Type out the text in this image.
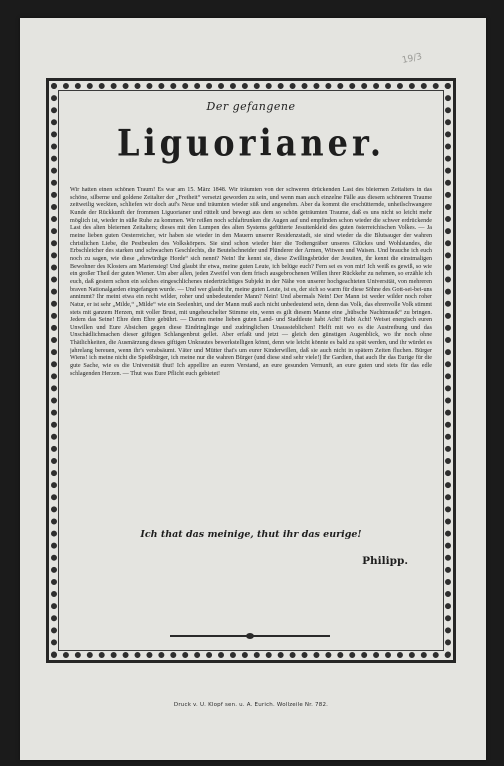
19/3

Der gefangene

Liguorianer.

Wir hatten einen schönen Traum! Es war am 15. März 1848. Wir träumten von der schweren drückenden Last des bleiernen Zeitalters in das schöne, silberne und goldene Zeitalter der „Freiheit“ versetzt geworden zu sein, und wenn man auch einzelne Fälle aus diesem schöneren Traume zeitweilig weckten, schliefen wir doch auf's Neue und träumten wieder süß und angenehm. Aber da kommt die erschütternde, unheilschwangere Kunde der Rückkunft der frommen Liguorianer und rüttelt und bewegt aus dem so schön geträumten Traume, daß es uns nicht so leicht mehr möglich ist, wieder in süße Ruhe zu kommen. Wir reißen noch schlaftrunken die Augen auf und empfinden schon wieder die schwer erdrückende Last des alten bleiernen Zeitalters; dieses mit den Lumpen des alten Systems gefütterte Jesuitenkleid des guten österreichischen Volkes. — Ja meine lieben guten Oesterreicher, wir haben sie wieder in den Mauern unserer Residenzstadt, sie sind wieder da die Blutsauger der wahren christlichen Liebe, die Pestbeulen des Volkskörpers. Sie sind schon wieder hier die Todtengräber unseres Glückes und Wohlstandes, die Erbschleicher des starken und schwachen Geschlechts, die Beutelschneider und Plünderer der Armen, Witwen und Waisen. Und brauche ich euch noch zu sagen, wie diese „ehrwürdige Horde“ sich nennt? Nein! Ihr kennt sie, diese Zwillingsbrüder der Jesuiten, ihr kennt die einstmaligen Bewohner des Klosters am Mariensteg! Und glaubt ihr etwa, meine guten Leute, ich belüge euch? Fern sei es von mir! Ich weiß es gewiß, so wie ein großer Theil der guten Wiener. Um aber allen, jeden Zweifel von dem frisch ausgebrochenen Willen ihrer Rückkehr zu nehmen, so erzähle ich euch, daß gestern schon ein solches eingeschlichenes niederträchtiges Subjekt in der Nähe von unserer hochgeachteten Universität, von mehreren braven Nationalgarden eingefangen wurde. — Und wer glaubt ihr, meine guten Leute, ist es, der sich so warm für diese Söhne des Gott-sei-bei-uns annimmt? Ihr meint etwa ein recht wilder, roher und unbedeutender Mann? Nein! Und abermals Nein! Der Mann ist weder wilder noch roher Natur, er ist sehr „Milde,“ „Milde“ wie ein Seelenhirt, und der Mann muß auch nicht unbedeutend sein, denn das Volk, das ehrenvolle Volk stimmt stets mit ganzem Herzen, mit voller Brust, mit ungeheuchelter Stimme ein, wenn es gilt diesem Manne eine „hübsche Nachtmusik“ zu bringen. Jedem das Seine! Ehre dem Ehre gebührt. — Darum meine lieben guten Land- und Stadtleute habt Acht! Habt Acht! Weiset energisch euren Unwillen und Eure Absichen gegen diese Eindringlinge und zudringlichen Unaussteblichen! Helft mit wo es die Austreibung und das Unschädlichmachen dieser giftigen Schlangenbrut gellet. Aber erfaßt und jetzt — gleich den günstigen Augenblick, wo ihr noch ohne Thätlichkeiten, die Ausmärzung dieses giftigen Unkrautes bewerkstelligen könnt, denn wie leicht könnte es bald zu spät werden, und ihr würdet es jahrelang bereuen, wenn ihr's verabsäumt. Väter und Mütter that's um eurer Kinderwillen, daß sie auch nicht in spätern Zeiten fluchen. Bürger Wiens! ich meine nicht die Spießbürger, ich meine nur die wahren Bürger (und diese sind sehr viele!) Ihr Gardien, that auch Ihr das Eurige für die gute Sache, wie es die Universität thut! Ich appellire an euren Verstand, an eure gesunden Vernunft, an eure guten und stets für das edle schlagenden Herzen. — Thut was Eure Pflicht euch gebietet!

Ich that das meinige, thut ihr das eurige!

Philipp.

Druck v. U. Klopf sen. u. A. Eurich. Wollzeile Nr. 782.
